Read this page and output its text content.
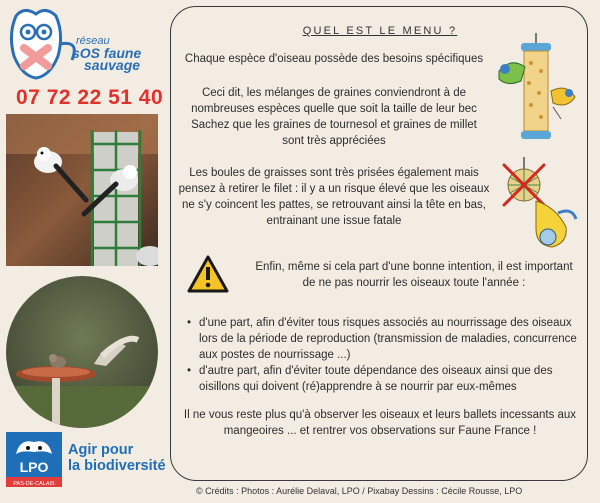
réseau
sOS faune
sauvage
07 72 22 51 40
LPO
PAS-DE-CALAIS
Agir pour
la biodiversité
QUEL EST LE MENU ?
Chaque espèce d'oiseau possède des besoins spécifiques
Ceci dit, les mélanges de graines conviendront à de nombreuses espèces quelle que soit la taille de leur bec Sachez que les graines de tournesol et graines de millet sont très appréciées
Les boules de graisses sont très prisées également mais pensez à retirer le filet : il y a un risque élevé que les oiseaux ne s'y coincent les pattes, se retrouvant ainsi la tête en bas, entrainant une issue fatale
Enfin, même si cela part d'une bonne intention, il est important de ne pas nourrir les oiseaux toute l'année :
• d'une part, afin d'éviter tous risques associés au nourrissage des oiseaux lors de la période de reproduction (transmission de maladies, concurrence aux postes de nourrissage ...)
• d'autre part, afin d'éviter toute dépendance des oiseaux ainsi que des oisillons qui doivent (ré)apprendre à se nourrir par eux-mêmes
Il ne vous reste plus qu'à observer les oiseaux et leurs ballets incessants aux mangeoires ... et rentrer vos observations sur Faune France !
© Crédits : Photos : Aurélie Delaval, LPO / Pixabay Dessins : Cécile Rousse, LPO
